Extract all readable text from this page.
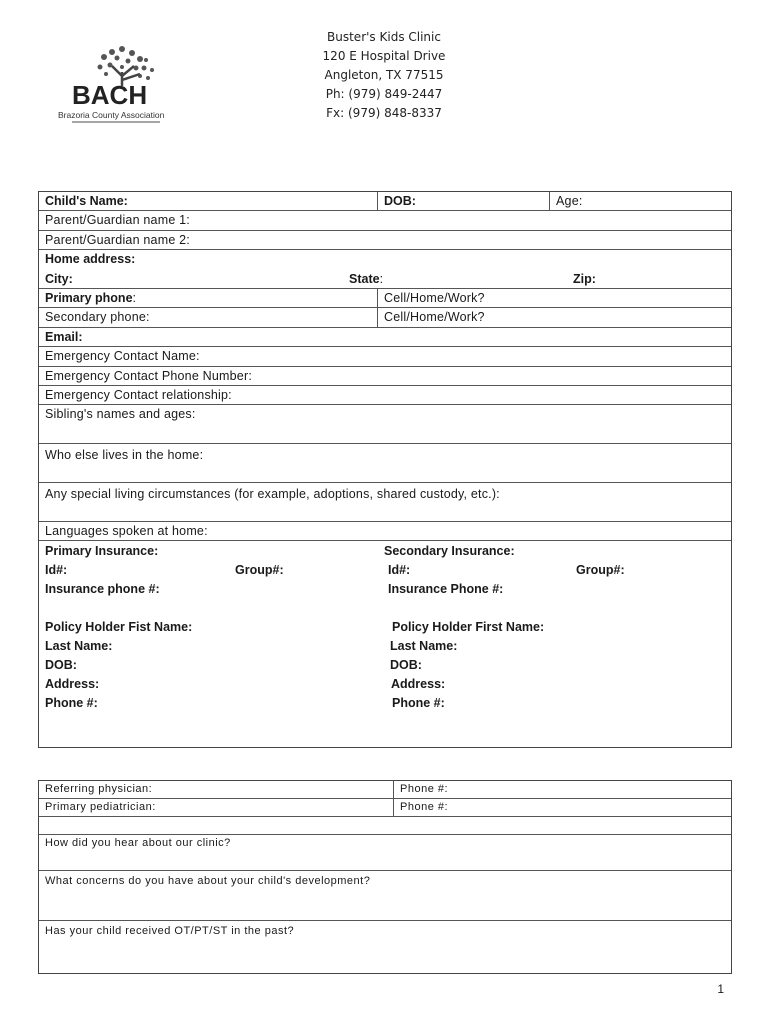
BACH
Brazoria County Association
Buster's Kids Clinic
120 E Hospital Drive
Angleton, TX 77515
Ph: (979) 849-2447
Fx: (979) 848-8337
Child's Name:	DOB:	Age:
Parent/Guardian name 1:
Parent/Guardian name 2:
Home address:
City:	State:	Zip:
Primary phone:	Cell/Home/Work?
Secondary phone:	Cell/Home/Work?
Email:
Emergency Contact Name:
Emergency Contact Phone Number:
Emergency Contact relationship:
Sibling's names and ages:
Who else lives in the home:
Any special living circumstances (for example, adoptions, shared custody, etc.):
Languages spoken at home:
Primary Insurance:
Id#:	Group#:
Insurance phone #:
Policy Holder Fist Name:
Last Name:
DOB:
Address:
Phone #:
Secondary Insurance:
Id#:	Group#:
Insurance Phone #:
Policy Holder First Name:
Last Name:
DOB:
Address:
Phone #:
Referring physician:	Phone #:
Primary pediatrician:	Phone #:
How did you hear about our clinic?
What concerns do you have about your child's development?
Has your child received OT/PT/ST in the past?
1
